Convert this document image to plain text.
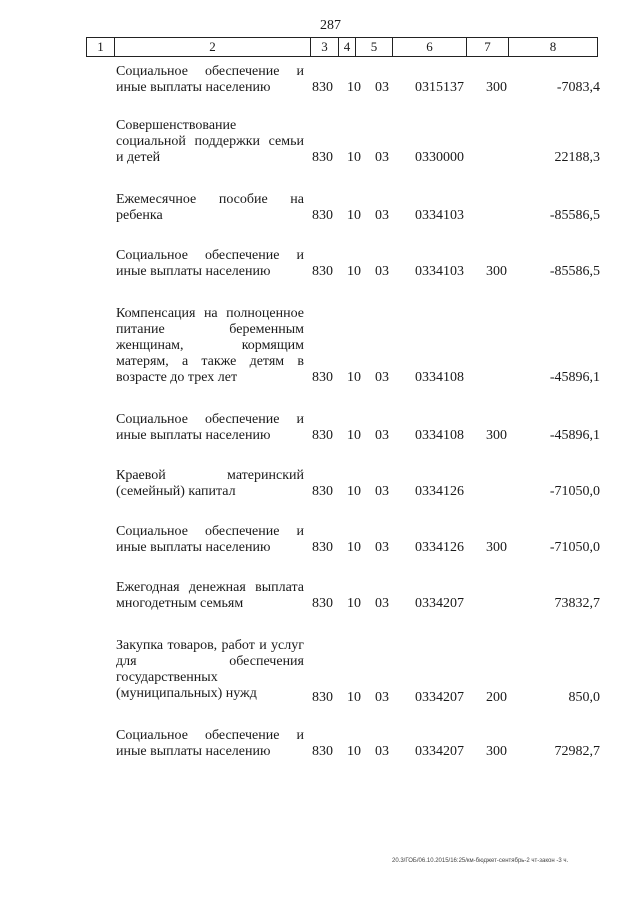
287
1	2	3	4	5	6	7	8
Социальное обеспечение и иные выплаты населению	830 10 03 0315137 300	-7083,4
Совершенствование социальной поддержки семьи и детей	830 10 03 0330000	22188,3
Ежемесячное пособие на ребенка	830 10 03 0334103	-85586,5
Социальное обеспечение и иные выплаты населению	830 10 03 0334103 300	-85586,5
Компенсация на полноценное питание беременным женщинам, кормящим матерям, а также детям в возрасте до трех лет	830 10 03 0334108	-45896,1
Социальное обеспечение и иные выплаты населению	830 10 03 0334108 300	-45896,1
Краевой материнский (семейный) капитал	830 10 03 0334126	-71050,0
Социальное обеспечение и иные выплаты населению	830 10 03 0334126 300	-71050,0
Ежегодная денежная выплата многодетным семьям	830 10 03 0334207	73832,7
Закупка товаров, работ и услуг для обеспечения государственных (муниципальных) нужд	830 10 03 0334207 200	850,0
Социальное обеспечение и иные выплаты населению	830 10 03 0334207 300	72982,7
20.3/ГОБ/06.10.2015/16:25/км-бюджет-сентябрь-2 чт-закон -3 ч.
